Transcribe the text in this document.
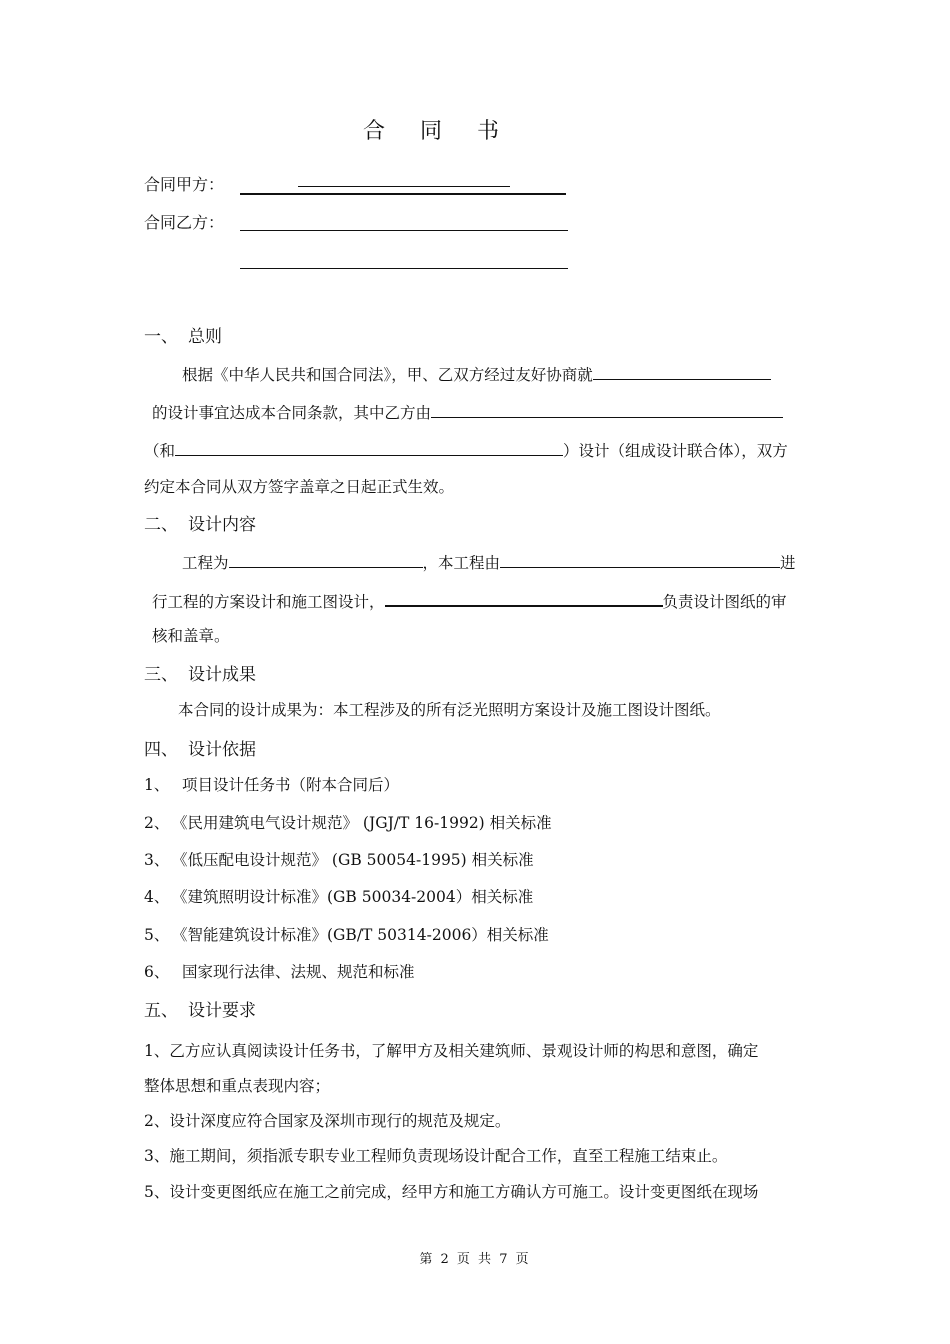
合 同 书
合同甲方：
合同乙方：
一、 总则
根据《中华人民共和国合同法》，甲、乙双方经过友好协商就
的设计事宜达成本合同条款，其中乙方由
（和	）设计（组成设计联合体），双方
约定本合同从双方签字盖章之日起正式生效。
二、 设计内容
工程为	，本工程由	进
行工程的方案设计和施工图设计，	负责设计图纸的审
核和盖章。
三、 设计成果
本合同的设计成果为：本工程涉及的所有泛光照明方案设计及施工图设计图纸。
四、 设计依据
1、 项目设计任务书（附本合同后）
2、 《民用建筑电气设计规范》 (JGJ/T 16-1992) 相关标准
3、 《低压配电设计规范》 (GB 50054-1995) 相关标准
4、 《建筑照明设计标准》(GB 50034-2004）相关标准
5、 《智能建筑设计标准》(GB/T 50314-2006）相关标准
6、 国家现行法律、法规、规范和标准
五、 设计要求
1、乙方应认真阅读设计任务书，了解甲方及相关建筑师、景观设计师的构思和意图，确定
整体思想和重点表现内容；
2、设计深度应符合国家及深圳市现行的规范及规定。
3、施工期间，须指派专职专业工程师负责现场设计配合工作，直至工程施工结束止。
5、设计变更图纸应在施工之前完成，经甲方和施工方确认方可施工。设计变更图纸在现场
第 2 页 共 7 页
